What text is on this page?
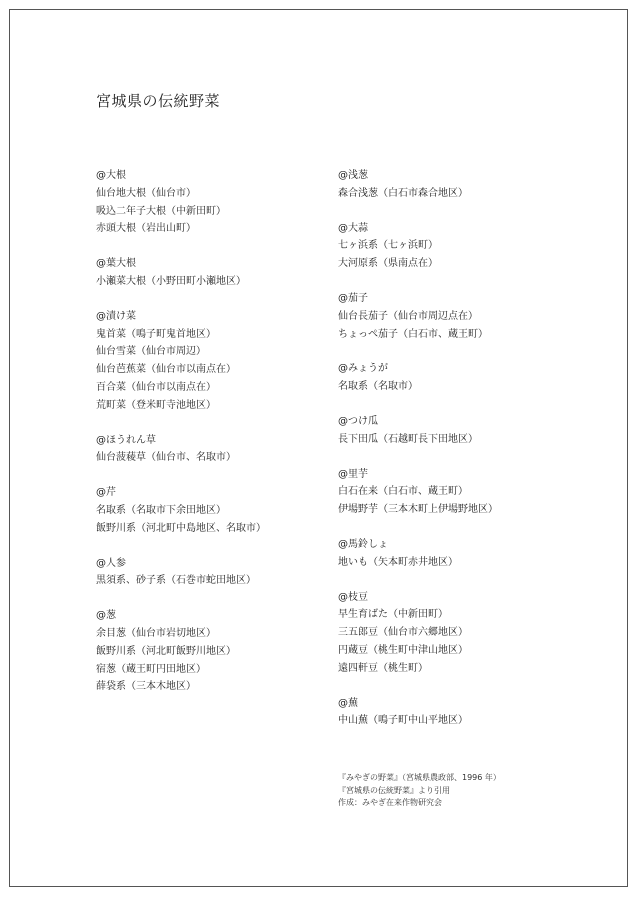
宮城県の伝統野菜
@大根
仙台地大根（仙台市）
吸込二年子大根（中新田町）
赤頭大根（岩出山町）
@葉大根
小瀬菜大根（小野田町小瀬地区）
@漬け菜
鬼首菜（鳴子町鬼首地区）
仙台雪菜（仙台市周辺）
仙台芭蕉菜（仙台市以南点在）
百合菜（仙台市以南点在）
荒町菜（登米町寺池地区）
@ほうれん草
仙台菠薐草（仙台市、名取市）
@芹
名取系（名取市下余田地区）
飯野川系（河北町中島地区、名取市）
@人参
黒須系、砂子系（石巻市蛇田地区）
@葱
余目葱（仙台市岩切地区）
飯野川系（河北町飯野川地区）
宿葱（蔵王町円田地区）
薛袋系（三本木地区）
@浅葱
森合浅葱（白石市森合地区）
@大蒜
七ヶ浜系（七ヶ浜町）
大河原系（県南点在）
@茄子
仙台長茄子（仙台市周辺点在）
ちょっぺ茄子（白石市、蔵王町）
@みょうが
名取系（名取市）
@つけ瓜
長下田瓜（石越町長下田地区）
@里芋
白石在来（白石市、蔵王町）
伊場野芋（三本木町上伊場野地区）
@馬鈴しょ
地いも（矢本町赤井地区）
@枝豆
早生育ばた（中新田町）
三五郎豆（仙台市六郷地区）
円蔵豆（桃生町中津山地区）
遠四軒豆（桃生町）
@蕪
中山蕪（鳴子町中山平地区）
『みやぎの野菜』（宮城県農政部、1996 年）
『宮城県の伝統野菜』より引用
作成：みやぎ在来作物研究会
